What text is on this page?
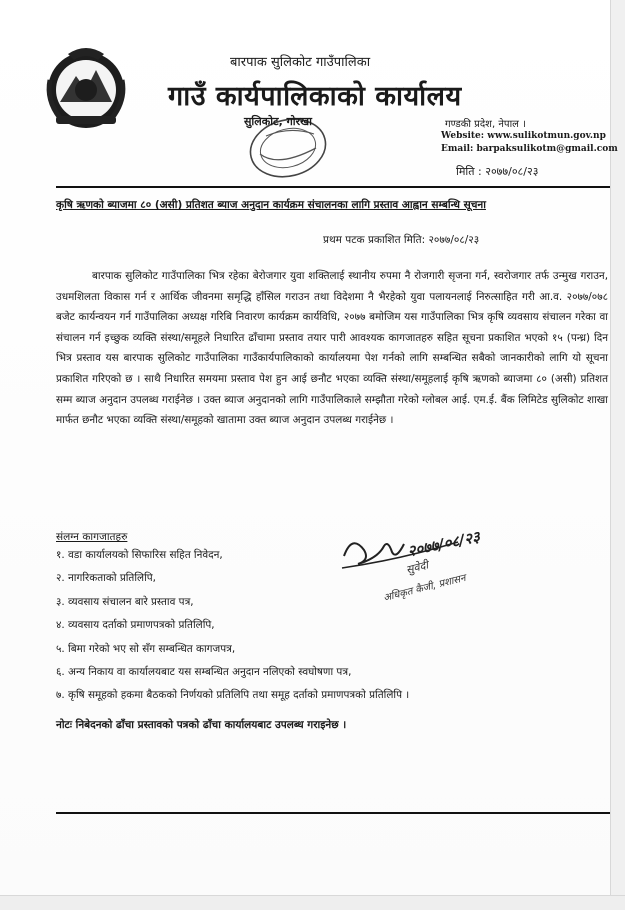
बारपाक सुलिकोट गाउँपालिका
गाउँ कार्यपालिकाको कार्यालय
सुलिकोट, गोरखा	गण्डकी प्रदेश, नेपाल ।
Website: www.sulikotmun.gov.np
Email: barpaksulikotm@gmail.com
मिति : २०७७/०८/२३
कृषि ऋणको ब्याजमा ८० (असी) प्रतिशत ब्याज अनुदान कार्यक्रम संचालनका लागि प्रस्ताव आह्वान सम्बन्धि सूचना
प्रथम पटक प्रकाशित मिति: २०७७/०८/२३
बारपाक सुलिकोट गाउँपालिका भित्र रहेका बेरोजगार युवा शक्तिलाई स्थानीय रुपमा नै रोजगारी सृजना गर्न, स्वरोजगार तर्फ उन्मुख गराउन, उधमशिलता विकास गर्न र आर्थिक जीवनमा समृद्धि हाँसिल गराउन तथा विदेशमा नै भैरहेको युवा पलायनलाई निरुत्साहित गरी आ.व. २०७७/०७८ बजेट कार्यन्वयन गर्न गाउँपालिका अध्यक्ष गरिबि निवारण कार्यक्रम कार्यविधि, २०७७ बमोजिम यस गाउँपालिका भित्र कृषि व्यवसाय संचालन गरेका वा संचालन गर्न इच्छुक व्यक्ति संस्था/समूहले निधारित ढाँचामा प्रस्ताव तयार पारी आवश्यक कागजातहरु सहित सूचना प्रकाशित भएको १५ (पन्ध्र) दिन भित्र प्रस्ताव यस बारपाक सुलिकोट गाउँपालिका गाउँकार्यपालिकाको कार्यालयमा पेश गर्नको लागि सम्बन्धित सबैको जानकारीको लागि यो सूचना प्रकाशित गरिएको छ । साथै निधारित समयमा प्रस्ताव पेश हुन आई छनौट भएका व्यक्ति संस्था/समूहलाई कृषि ऋणको ब्याजमा ८० (असी) प्रतिशत सम्म ब्याज अनुदान उपलब्ध गराईनेछ । उक्त ब्याज अनुदानको लागि गाउँपालिकाले सम्झौता गरेको ग्लोबल आई. एम.ई. बैंक लिमिटेड सुलिकोट शाखा मार्फत छनौट भएका व्यक्ति संस्था/समूहको खातामा उक्त ब्याज अनुदान उपलब्ध गराईनेछ ।
संलग्न कागजातहरु
१. वडा कार्यालयको सिफारिस सहित निवेदन,
२. नागरिकताको प्रतिलिपि,
३. व्यवसाय संचालन बारे प्रस्ताव पत्र,
४. व्यवसाय दर्ताको प्रमाणपत्रको प्रतिलिपि,
५. बिमा गरेको भए सो सँग सम्बन्धित कागजपत्र,
६. अन्य निकाय वा कार्यालयबाट यस सम्बन्धित अनुदान नलिएको स्वघोषणा पत्र,
७. कृषि समूहको हकमा बैठकको निर्णयको प्रतिलिपि तथा समूह दर्ताको प्रमाणपत्रको प्रतिलिपि ।
२०७७/०८/२३
सुवेदी
अधिकृत कैजी, प्रशासन
नोटः निबेदनको ढाँचा प्रस्तावको पत्रको ढाँचा कार्यालयबाट उपलब्ध गराइनेछ ।
